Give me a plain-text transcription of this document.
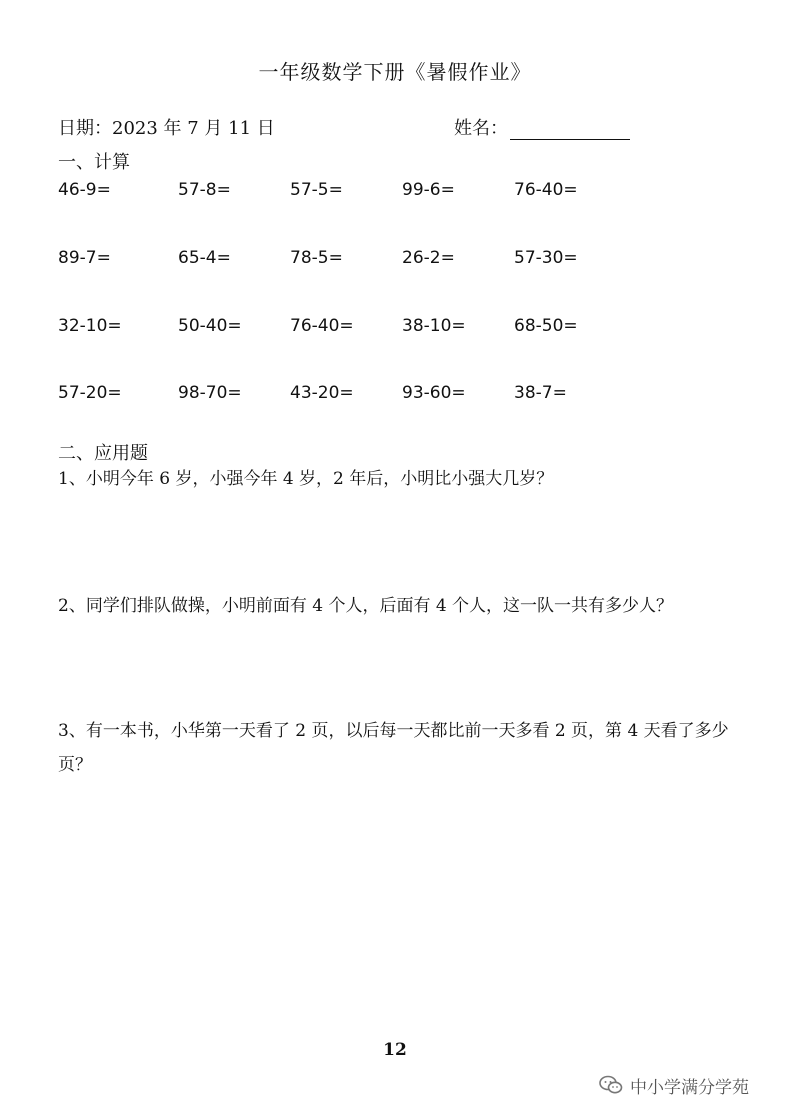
一年级数学下册《暑假作业》
日期：2023 年 7 月 11 日	姓名：
一、计算
46-9=	57-8=	57-5=	99-6=	76-40=
89-7=	65-4=	78-5=	26-2=	57-30=
32-10=	50-40=	76-40=	38-10=	68-50=
57-20=	98-70=	43-20=	93-60=	38-7=
二、应用题
1、小明今年 6 岁，小强今年 4 岁，2 年后，小明比小强大几岁？
2、同学们排队做操，小明前面有 4 个人，后面有 4 个人，这一队一共有多少人？
3、有一本书，小华第一天看了 2 页，以后每一天都比前一天多看 2 页，第 4 天看了多少页？
12
中小学满分学苑
